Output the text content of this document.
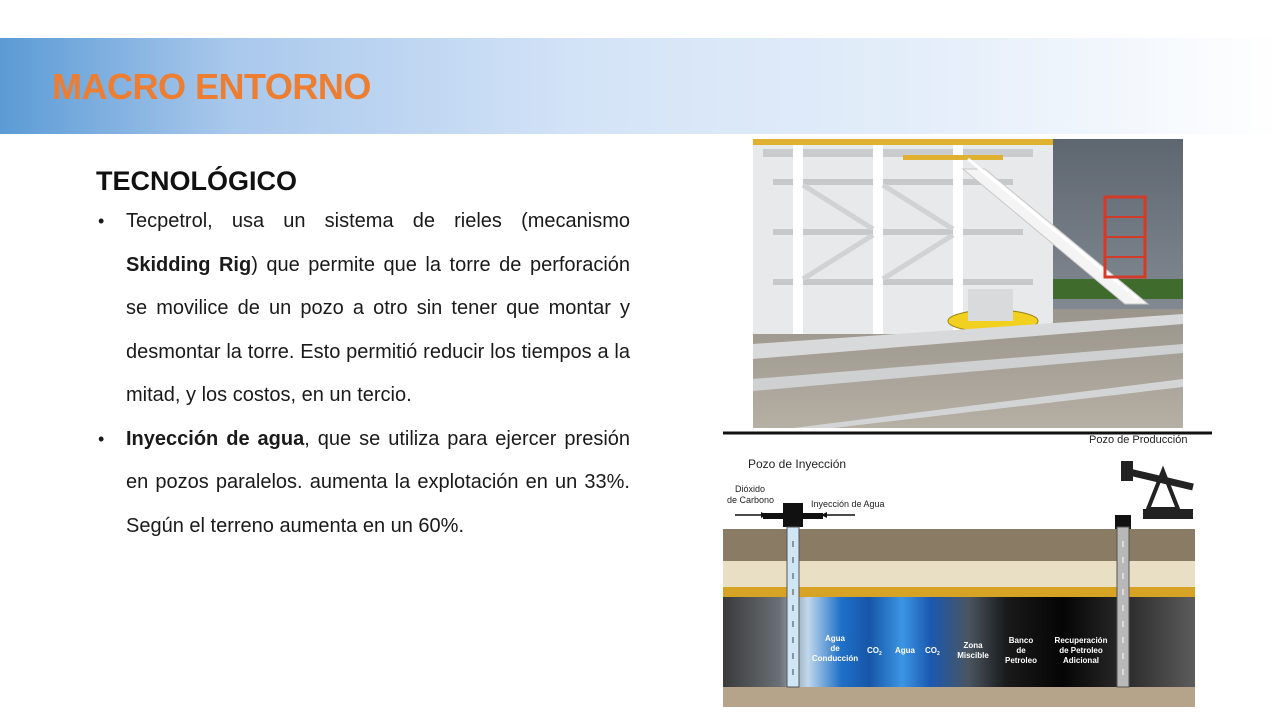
MACRO ENTORNO
TECNOLÓGICO
• Tecpetrol, usa un sistema de rieles (mecanismo Skidding Rig) que permite que la torre de perforación se movilice de un pozo a otro sin tener que montar y desmontar la torre. Esto permitió reducir los tiempos a la mitad, y los costos, en un tercio.
• Inyección de agua, que se utiliza para ejercer presión en pozos paralelos. aumenta la explotación en un 33%. Según el terreno aumenta en un 60%.
Pozo de Producción
Pozo de Inyección
Dióxido
de Carbono	Inyección de Agua
Agua
de
Conducción
$CO_2$ Agua $CO_2$
Zona
Miscible
Banco
de
Petroleo
Recuperación
de Petroleo
Adicional
